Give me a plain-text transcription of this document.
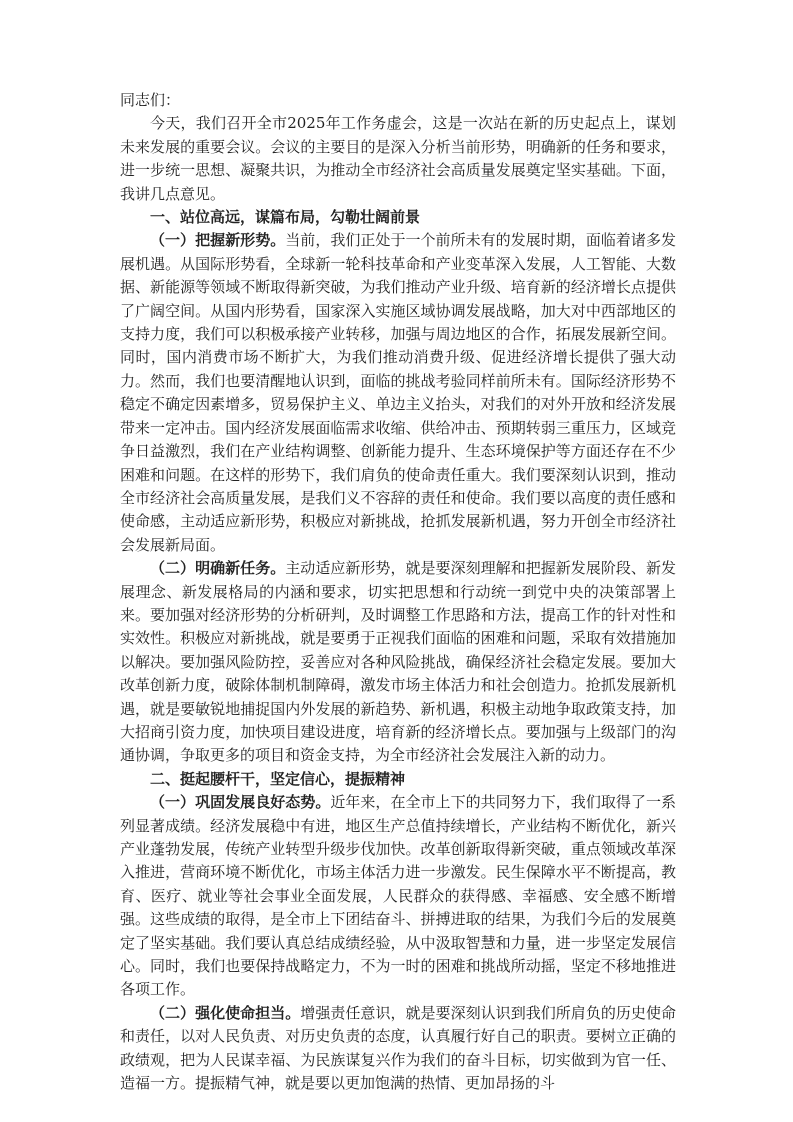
同志们：

今天，我们召开全市2025年工作务虚会，这是一次站在新的历史起点上，谋划未来发展的重要会议。会议的主要目的是深入分析当前形势，明确新的任务和要求，进一步统一思想、凝聚共识，为推动全市经济社会高质量发展奠定坚实基础。下面，我讲几点意见。

一、站位高远，谋篇布局，勾勒壮阔前景

（一）把握新形势。当前，我们正处于一个前所未有的发展时期，面临着诸多发展机遇。从国际形势看，全球新一轮科技革命和产业变革深入发展，人工智能、大数据、新能源等领域不断取得新突破，为我们推动产业升级、培育新的经济增长点提供了广阔空间。从国内形势看，国家深入实施区域协调发展战略，加大对中西部地区的支持力度，我们可以积极承接产业转移，加强与周边地区的合作，拓展发展新空间。同时，国内消费市场不断扩大，为我们推动消费升级、促进经济增长提供了强大动力。然而，我们也要清醒地认识到，面临的挑战考验同样前所未有。国际经济形势不稳定不确定因素增多，贸易保护主义、单边主义抬头，对我们的对外开放和经济发展带来一定冲击。国内经济发展面临需求收缩、供给冲击、预期转弱三重压力，区域竞争日益激烈，我们在产业结构调整、创新能力提升、生态环境保护等方面还存在不少困难和问题。在这样的形势下，我们肩负的使命责任重大。我们要深刻认识到，推动全市经济社会高质量发展，是我们义不容辞的责任和使命。我们要以高度的责任感和使命感，主动适应新形势，积极应对新挑战，抢抓发展新机遇，努力开创全市经济社会发展新局面。

（二）明确新任务。主动适应新形势，就是要深刻理解和把握新发展阶段、新发展理念、新发展格局的内涵和要求，切实把思想和行动统一到党中央的决策部署上来。要加强对经济形势的分析研判，及时调整工作思路和方法，提高工作的针对性和实效性。积极应对新挑战，就是要勇于正视我们面临的困难和问题，采取有效措施加以解决。要加强风险防控，妥善应对各种风险挑战，确保经济社会稳定发展。要加大改革创新力度，破除体制机制障碍，激发市场主体活力和社会创造力。抢抓发展新机遇，就是要敏锐地捕捉国内外发展的新趋势、新机遇，积极主动地争取政策支持，加大招商引资力度，加快项目建设进度，培育新的经济增长点。要加强与上级部门的沟通协调，争取更多的项目和资金支持，为全市经济社会发展注入新的动力。

二、挺起腰杆干，坚定信心，提振精神

（一）巩固发展良好态势。近年来，在全市上下的共同努力下，我们取得了一系列显著成绩。经济发展稳中有进，地区生产总值持续增长，产业结构不断优化，新兴产业蓬勃发展，传统产业转型升级步伐加快。改革创新取得新突破，重点领域改革深入推进，营商环境不断优化，市场主体活力进一步激发。民生保障水平不断提高，教育、医疗、就业等社会事业全面发展，人民群众的获得感、幸福感、安全感不断增强。这些成绩的取得，是全市上下团结奋斗、拼搏进取的结果，为我们今后的发展奠定了坚实基础。我们要认真总结成绩经验，从中汲取智慧和力量，进一步坚定发展信心。同时，我们也要保持战略定力，不为一时的困难和挑战所动摇，坚定不移地推进各项工作。

（二）强化使命担当。增强责任意识，就是要深刻认识到我们所肩负的历史使命和责任，以对人民负责、对历史负责的态度，认真履行好自己的职责。要树立正确的政绩观，把为人民谋幸福、为民族谋复兴作为我们的奋斗目标，切实做到为官一任、造福一方。提振精气神，就是要以更加饱满的热情、更加昂扬的斗
